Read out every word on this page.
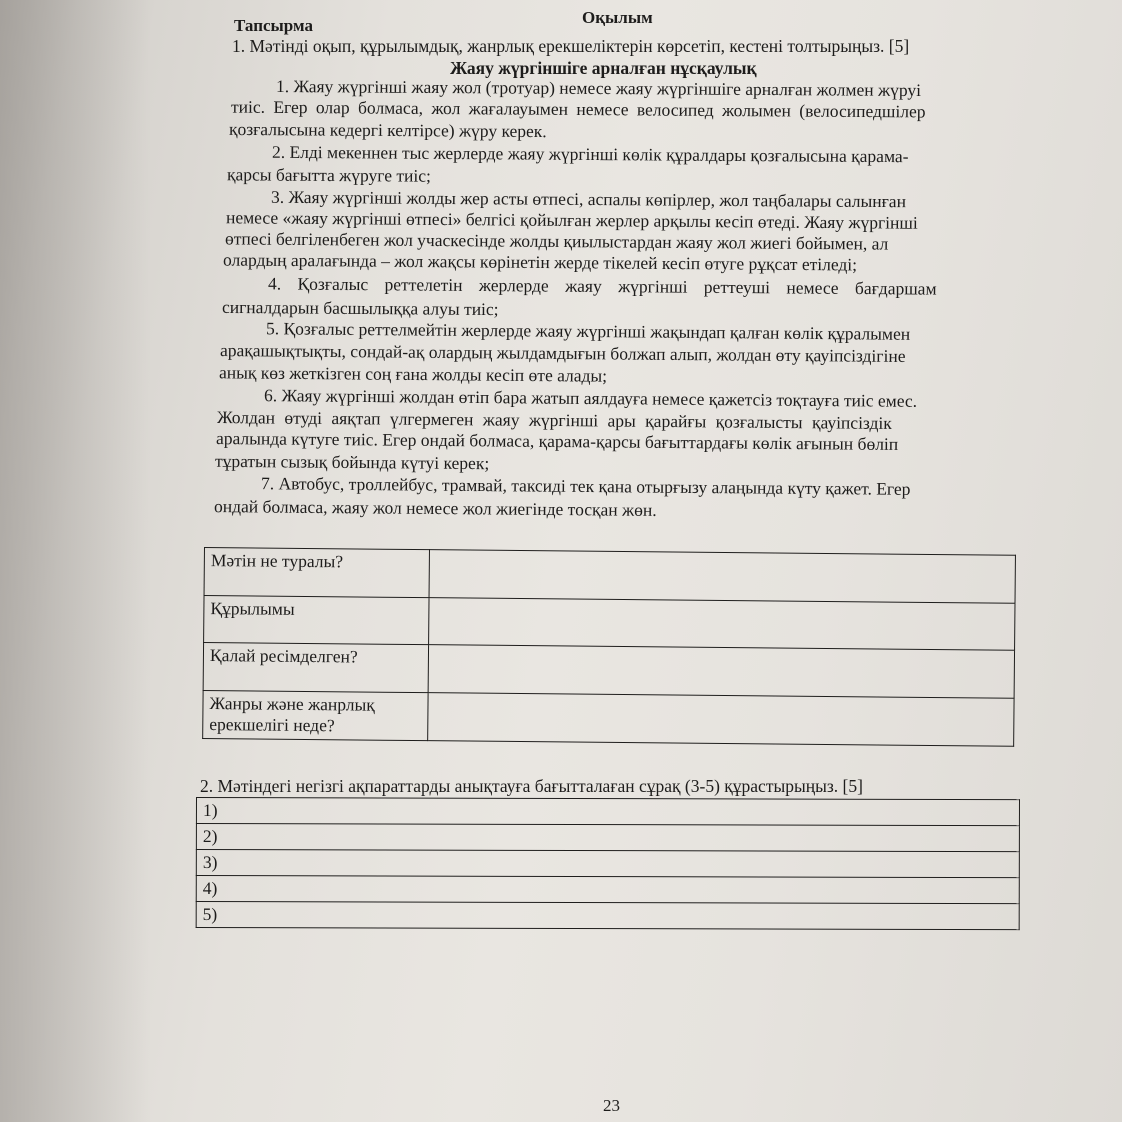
Оқылым
Тапсырма
1. Мәтінді оқып, құрылымдық, жанрлық ерекшеліктерін көрсетіп, кестені толтырыңыз. [5]
Жаяу жүргіншіге арналған нұсқаулық
1. Жаяу жүргінші жаяу жол (тротуар) немесе жаяу жүргіншіге арналған жолмен жүруі
тиіс. Егер олар болмаса, жол жағалауымен немесе велосипед жолымен (велосипедшілер
қозғалысына кедергі келтірсе) жүру керек.
2. Елді мекеннен тыс жерлерде жаяу жүргінші көлік құралдары қозғалысына қарама-
қарсы бағытта жүруге тиіс;
3. Жаяу жүргінші жолды жер асты өтпесі, аспалы көпірлер, жол таңбалары салынған
немесе «жаяу жүргінші өтпесі» белгісі қойылған жерлер арқылы кесіп өтеді. Жаяу жүргінші
өтпесі белгіленбеген жол учаскесінде жолды қиылыстардан жаяу жол жиегі бойымен, ал
олардың аралағында – жол жақсы көрінетін жерде тікелей кесіп өтуге рұқсат етіледі;
4. Қозғалыс реттелетін жерлерде жаяу жүргінші реттеуші немесе бағдаршам
сигналдарын басшылыққа алуы тиіс;
5. Қозғалыс реттелмейтін жерлерде жаяу жүргінші жақындап қалған көлік құралымен
арақашықтықты, сондай-ақ олардың жылдамдығын болжап алып, жолдан өту қауіпсіздігіне
анық көз жеткізген соң ғана жолды кесіп өте алады;
6. Жаяу жүргінші жолдан өтіп бара жатып аялдауға немесе қажетсіз тоқтауға тиіс емес.
Жолдан өтуді аяқтап үлгермеген жаяу жүргінші ары қарайғы қозғалысты қауіпсіздік
аралында күтуге тиіс. Егер ондай болмаса, қарама-қарсы бағыттардағы көлік ағынын бөліп
тұратын сызық бойында күтуі керек;
7. Автобус, троллейбус, трамвай, таксиді тек қана отырғызу алаңында күту қажет. Егер
ондай болмаса, жаяу жол немесе жол жиегінде тосқан жөн.
Мәтін не туралы?	

Құрылымы	

Қалай ресімделген?	

Жанры және жанрлық
ерекшелігі неде?	

2. Мәтіндегі негізгі ақпараттарды анықтауға бағытталаған сұрақ (3-5) құрастырыңыз. [5]
1)
2)
3)
4)
5)
23
